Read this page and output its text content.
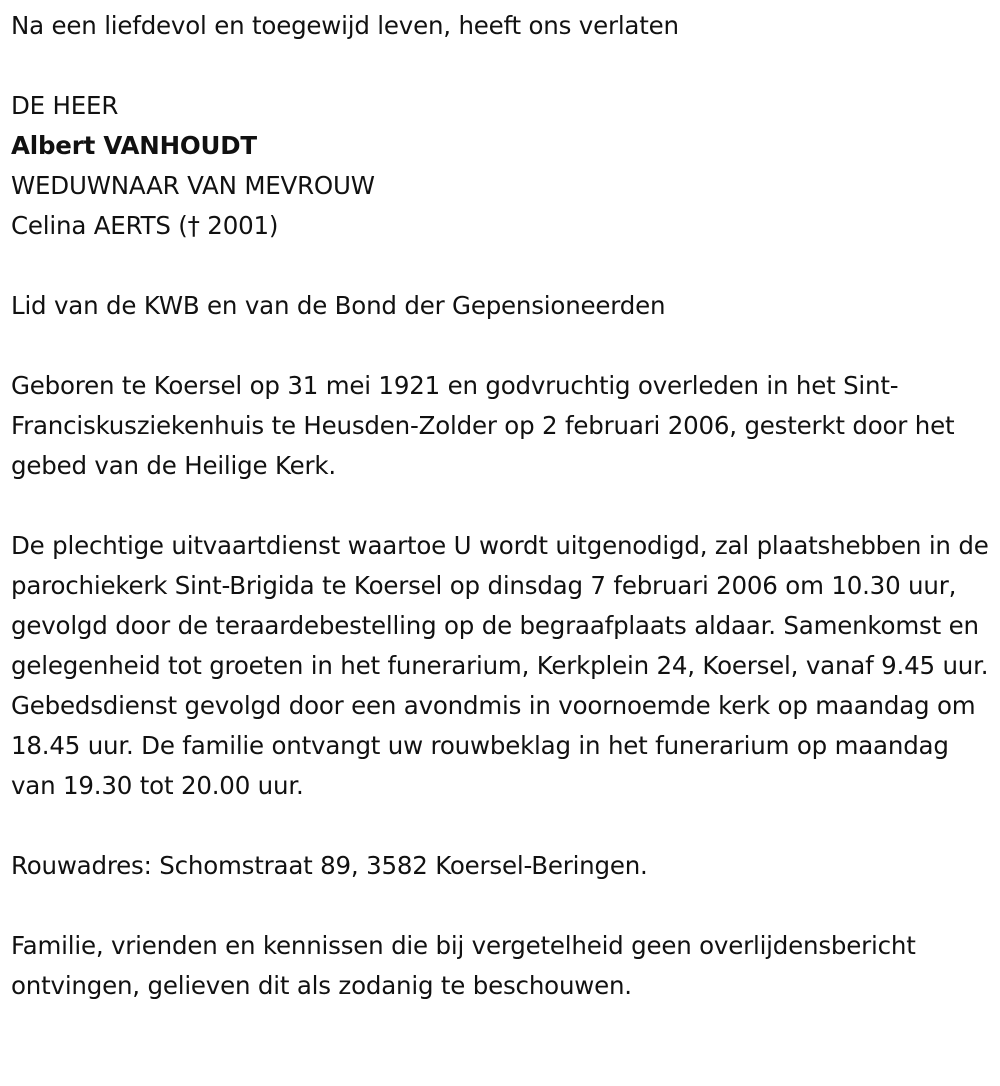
Na een liefdevol en toegewijd leven, heeft ons verlaten
DE HEER
Albert VANHOUDT
WEDUWNAAR VAN MEVROUW
Celina AERTS († 2001)
Lid van de KWB en van de Bond der Gepensioneerden

Geboren te Koersel op 31 mei 1921 en godvruchtig overleden in het Sint-Franciskusziekenhuis te Heusden-Zolder op 2 februari 2006, gesterkt door het gebed van de Heilige Kerk.

De plechtige uitvaartdienst waartoe U wordt uitgenodigd, zal plaatshebben in de parochiekerk Sint-Brigida te Koersel op dinsdag 7 februari 2006 om 10.30 uur, gevolgd door de teraardebestelling op de begraafplaats aldaar. Samenkomst en gelegenheid tot groeten in het funerarium, Kerkplein 24, Koersel, vanaf 9.45 uur. Gebedsdienst gevolgd door een avondmis in voornoemde kerk op maandag om 18.45 uur. De familie ontvangt uw rouwbeklag in het funerarium op maandag van 19.30 tot 20.00 uur.

Rouwadres: Schomstraat 89, 3582 Koersel-Beringen.

Familie, vrienden en kennissen die bij vergetelheid geen overlijdensbericht ontvingen, gelieven dit als zodanig te beschouwen.
